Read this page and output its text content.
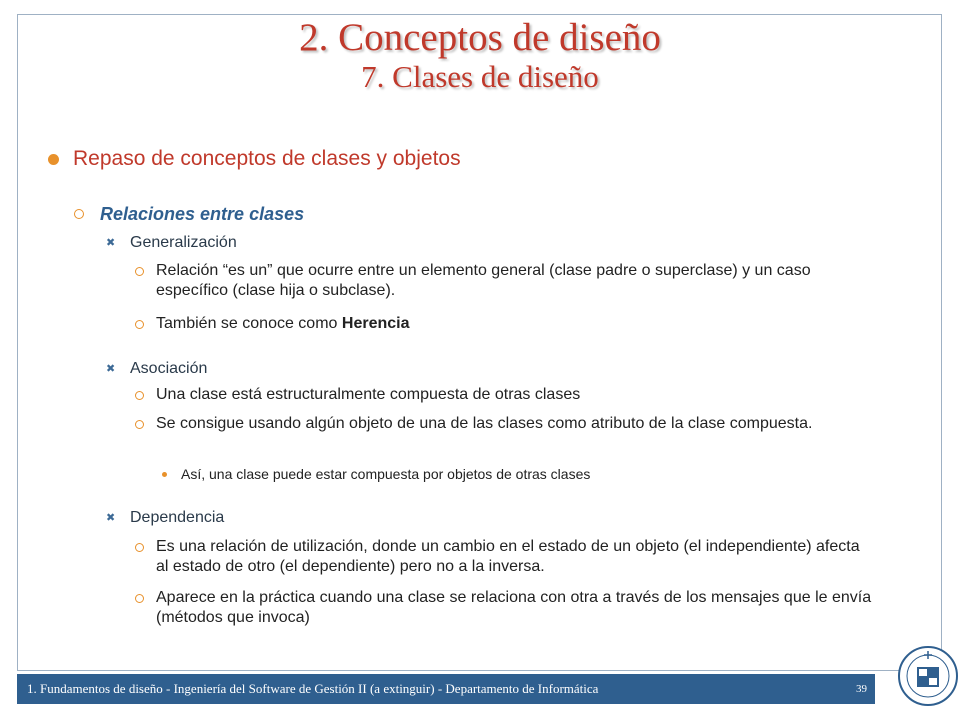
2. Conceptos de diseño
7. Clases de diseño
Repaso de conceptos de clases y objetos
Relaciones entre clases
✖ Generalización
Relación “es un” que ocurre entre un elemento general (clase padre o superclase) y un caso específico (clase hija o subclase).
También se conoce como Herencia
✖ Asociación
Una clase está estructuralmente compuesta de otras clases
Se consigue usando algún objeto de una de las clases como atributo de la clase compuesta.
Así, una clase puede estar compuesta por objetos de otras clases
✖ Dependencia
Es una relación de utilización, donde un cambio en el estado de un objeto (el independiente) afecta al estado de otro (el dependiente) pero no a la inversa.
Aparece en la práctica cuando una clase se relaciona con otra a través de los mensajes que le envía (métodos que invoca)
1. Fundamentos de diseño - Ingeniería del Software de Gestión II (a extinguir) - Departamento de Informática	39
